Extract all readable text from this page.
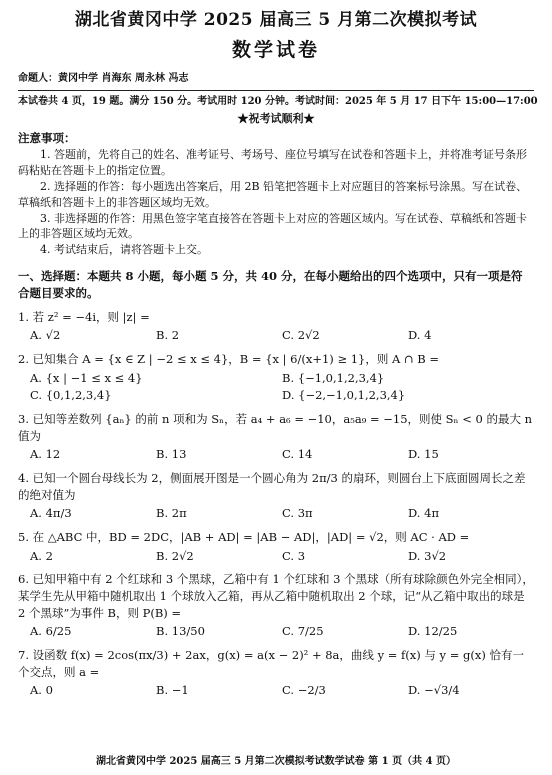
湖北省黄冈中学 2025 届高三 5 月第二次模拟考试
数学试卷
命题人：黄冈中学 肖海东 周永林 冯志
本试卷共 4 页，19 题。满分 150 分。考试用时 120 分钟。考试时间：2025 年 5 月 17 日下午 15:00—17:00
★祝考试顺利★
注意事项：

1. 答题前，先将自己的姓名、准考证号、考场号、座位号填写在试卷和答题卡上，并将准考证号条形码粘贴在答题卡上的指定位置。

2. 选择题的作答：每小题选出答案后，用 2B 铅笔把答题卡上对应题目的答案标号涂黑。写在试卷、草稿纸和答题卡上的非答题区域均无效。

3. 非选择题的作答：用黑色签字笔直接答在答题卡上对应的答题区域内。写在试卷、草稿纸和答题卡上的非答题区域均无效。

4. 考试结束后，请将答题卡上交。

一、选择题：本题共 8 小题，每小题 5 分，共 40 分，在每小题给出的四个选项中，只有一项是符合题目要求的。
1. 若 z² = −4i，则 |z| =
A. √2	B. 2	C. 2√2	D. 4
2. 已知集合 A = {x ∈ Z | −2 ≤ x ≤ 4}，B = {x | 6/(x+1) ≥ 1}，则 A ∩ B =
A. {x | −1 ≤ x ≤ 4}	B. {−1,0,1,2,3,4}
C. {0,1,2,3,4}	D. {−2,−1,0,1,2,3,4}
3. 已知等差数列 {aₙ} 的前 n 项和为 Sₙ，若 a₄ + a₆ = −10，a₅a₉ = −15，则使 Sₙ < 0 的最大 n 值为
A. 12	B. 13	C. 14	D. 15
4. 已知一个圆台母线长为 2，侧面展开图是一个圆心角为 2π/3 的扇环，则圆台上下底面圆周长之差的绝对值为
A. 4π/3	B. 2π	C. 3π	D. 4π
5. 在 △ABC 中，BD = 2DC，|AB + AD| = |AB − AD|，|AD| = √2，则 AC · AD =
A. 2	B. 2√2	C. 3	D. 3√2
6. 已知甲箱中有 2 个红球和 3 个黑球，乙箱中有 1 个红球和 3 个黑球（所有球除颜色外完全相同），某学生先从甲箱中随机取出 1 个球放入乙箱，再从乙箱中随机取出 2 个球，记“从乙箱中取出的球是 2 个黑球”为事件 B，则 P(B) =
A. 6/25	B. 13/50	C. 7/25	D. 12/25
7. 设函数 f(x) = 2cos(πx/3) + 2ax，g(x) = a(x − 2)² + 8a，曲线 y = f(x) 与 y = g(x) 恰有一个交点，则 a =
A. 0	B. −1	C. −2/3	D. −√3/4
湖北省黄冈中学 2025 届高三 5 月第二次模拟考试数学试卷 第 1 页（共 4 页）
